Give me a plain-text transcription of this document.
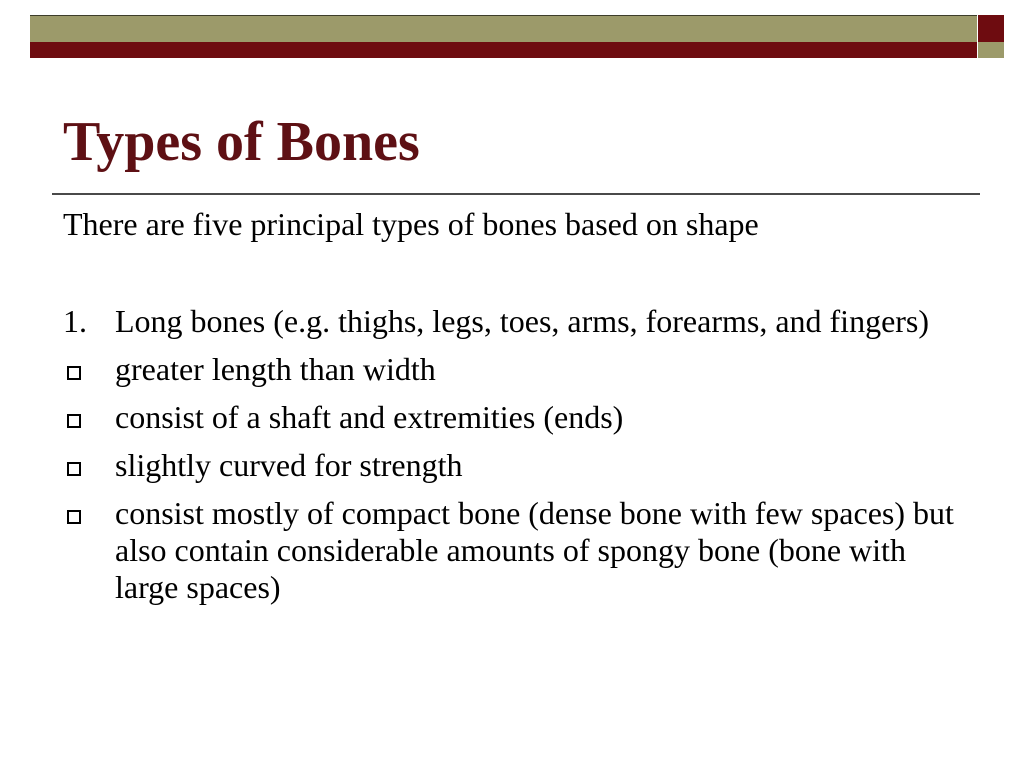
Types of Bones
There are five principal types of bones based on shape
1. Long bones (e.g. thighs, legs, toes, arms, forearms, and fingers)
greater length than width
consist of a shaft and extremities (ends)
slightly curved for strength
consist mostly of compact bone (dense bone with few spaces) but also contain considerable amounts of spongy bone (bone with large spaces)
